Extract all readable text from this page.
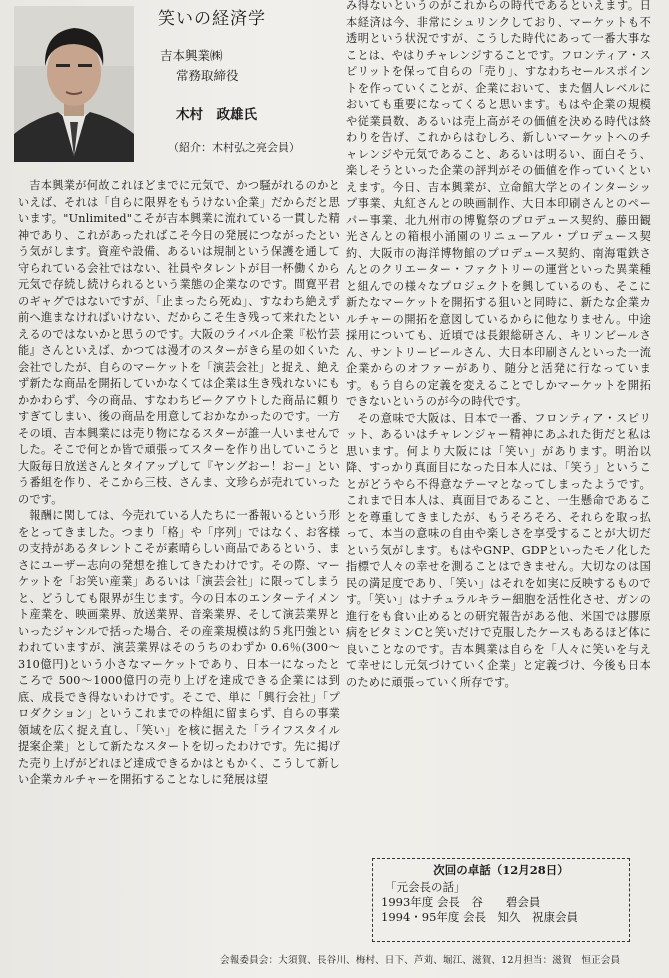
笑いの経済学
吉本興業㈱
常務取締役
木村　政雄氏
（紹介：木村弘之亮会員）

吉本興業が何故これほどまでに元気で、かつ騒がれるのかといえば、それは「自らに限界をもうけない企業」だからだと思います。"Unlimited"こそが吉本興業に流れている一貫した精神であり、これがあったればこそ今日の発展につながったという気がします。資産や設備、あるいは規制という保護を通して守られている会社ではない、社員やタレントが目一杯働くから元気で存続し続けられるという業態の企業なのです。間寛平君のギャグではないですが、「止まったら死ぬ」、すなわち絶えず前へ進まなければいけない、だからこそ生き残って来れたといえるのではないかと思うのです。大阪のライバル企業『松竹芸能』さんといえば、かつては漫才のスターがきら星の如くいた会社でしたが、自らのマーケットを「演芸会社」と捉え、絶えず新たな商品を開拓していかなくては企業は生き残れないにもかかわらず、今の商品、すなわちビークアウトした商品に頼りすぎてしまい、後の商品を用意しておかなかったのです。一方その頃、吉本興業には売り物になるスターが誰一人いませんでした。そこで何とか皆で頑張ってスターを作り出していこうと大阪毎日放送さんとタイアップして『ヤングおー！おー』という番組を作り、そこから三枝、さんま、文珍らが売れていったのです。

報酬に関しては、今売れている人たちに一番報いるという形をとってきました。つまり「格」や「序列」ではなく、お客様の支持があるタレントこそが素晴らしい商品であるという、まさにユーザー志向の発想を推してきたわけです。その際、マーケットを「お笑い産業」あるいは「演芸会社」に限ってしまうと、どうしても限界が生じます。今の日本のエンターテイメント産業を、映画業界、放送業界、音楽業界、そして演芸業界といったジャンルで括った場合、その産業規模は約５兆円強といわれていますが、演芸業界はそのうちのわずか 0.6％(300〜310億円)という小さなマーケットであり、日本一になったところで 500〜1000億円の売り上げを達成できる企業には到底、成長でき得ないわけです。そこで、単に「興行会社」「プロダクション」というこれまでの枠組に留まらず、自らの事業領域を広く捉え直し、「笑い」を核に据えた「ライフスタイル提案企業」として新たなスタートを切ったわけです。先に掲げた売り上げがどれほど達成できるかはともかく、こうして新しい企業カルチャーを開拓することなしに発展は望

み得ないというのがこれからの時代であるといえます。日本経済は今、非常にシュリンクしており、マーケットも不透明という状況ですが、こうした時代にあって一番大事なことは、やはりチャレンジすることです。フロンティア・スピリットを保って自らの「売り」、すなわちセールスポイントを作っていくことが、企業において、また個人レベルにおいても重要になってくると思います。もはや企業の規模や従業員数、あるいは売上高がその価値を決める時代は終わりを告げ、これからはむしろ、新しいマーケットへのチャレンジや元気であること、あるいは明るい、面白そう、楽しそうといった企業の評判がその価値を作っていくといえます。今日、吉本興業が、立命館大学とのインターシップ事業、丸紅さんとの映画制作、大日本印刷さんとのペーパー事業、北九州市の博覧祭のプロデュース契約、藤田観光さんとの箱根小涌園のリニューアル・プロデュース契約、大阪市の海洋博物館のプロデュース契約、南海電鉄さんとのクリエーター・ファクトリーの運営といった異業種と組んでの様々なプロジェクトを興しているのも、そこに新たなマーケットを開拓する狙いと同時に、新たな企業カルチャーの開拓を意図しているからに他なりません。中途採用についても、近頃では長銀総研さん、キリンビールさん、サントリービールさん、大日本印刷さんといった一流企業からのオファーがあり、随分と活発に行なっています。もう自らの定義を変えることでしかマーケットを開拓できないというのが今の時代です。

その意味で大阪は、日本で一番、フロンティア・スピリット、あるいはチャレンジャー精神にあふれた街だと私は思います。何より大阪には「笑い」があります。明治以降、すっかり真面目になった日本人には、「笑う」ということがどうやら不得意なテーマとなってしまったようです。これまで日本人は、真面目であること、一生懸命であることを尊重してきましたが、もうそろそろ、それらを取っ払って、本当の意味の自由や楽しさを享受することが大切だという気がします。もはやGNP、GDPといったモノ化した指標で人々の幸せを測ることはできません。大切なのは国民の満足度であり、「笑い」はそれを如実に反映するものです。「笑い」はナチュラルキラー細胞を活性化させ、ガンの進行をも食い止めるとの研究報告がある他、米国では膠原病をビタミンCと笑いだけで克服したケースもあるほど体に良いことなのです。吉本興業は自らを「人々に笑いを与えて幸せにし元気づけていく企業」と定義づけ、今後も日本のために頑張っていく所存です。

次回の卓話（12月28日）
「元会長の話」
1993年度 会長　 谷　　碧会員
1994・95年度 会長　 知久　祝康会員
会報委員会：大須賀、長谷川、梅村、日下、芦苅、堀江、滋賀、12月担当：滋賀　恒正会員
